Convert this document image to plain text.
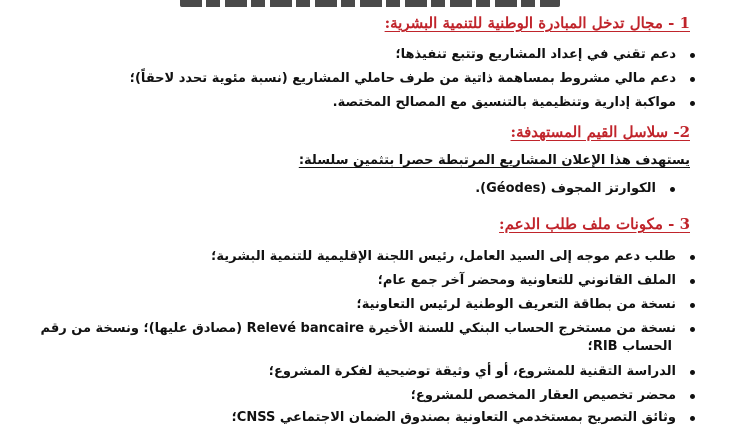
1 - مجال تدخل المبادرة الوطنية للتنمية البشرية:
دعم تقني في إعداد المشاريع وتتبع تنفيذها؛
دعم مالي مشروط بمساهمة ذاتية من طرف حاملي المشاريع (نسبة مئوية تحدد لاحقاً)؛
مواكبة إدارية وتنظيمية بالتنسيق مع المصالح المختصة.
2- سلاسل القيم المستهدفة:
يستهدف هذا الإعلان المشاريع المرتبطة حصرا بتثمين سلسلة:
الكوارتز المجوف (Géodes).
3 - مكونات ملف طلب الدعم:
طلب دعم موجه إلى السيد العامل، رئيس اللجنة الإقليمية للتنمية البشرية؛
الملف القانوني للتعاونية ومحضر آخر جمع عام؛
نسخة من بطاقة التعريف الوطنية لرئيس التعاونية؛
نسخة من مستخرج الحساب البنكي للسنة الأخيرة Relevé bancaire (مصادق عليها)؛ ونسخة من رقم
الحساب RIB؛
الدراسة التقنية للمشروع، أو أي وثيقة توضيحية لفكرة المشروع؛
محضر تخصيص العقار المخصص للمشروع؛
وثائق التصريح بمستخدمي التعاونية بصندوق الضمان الاجتماعي CNSS؛
